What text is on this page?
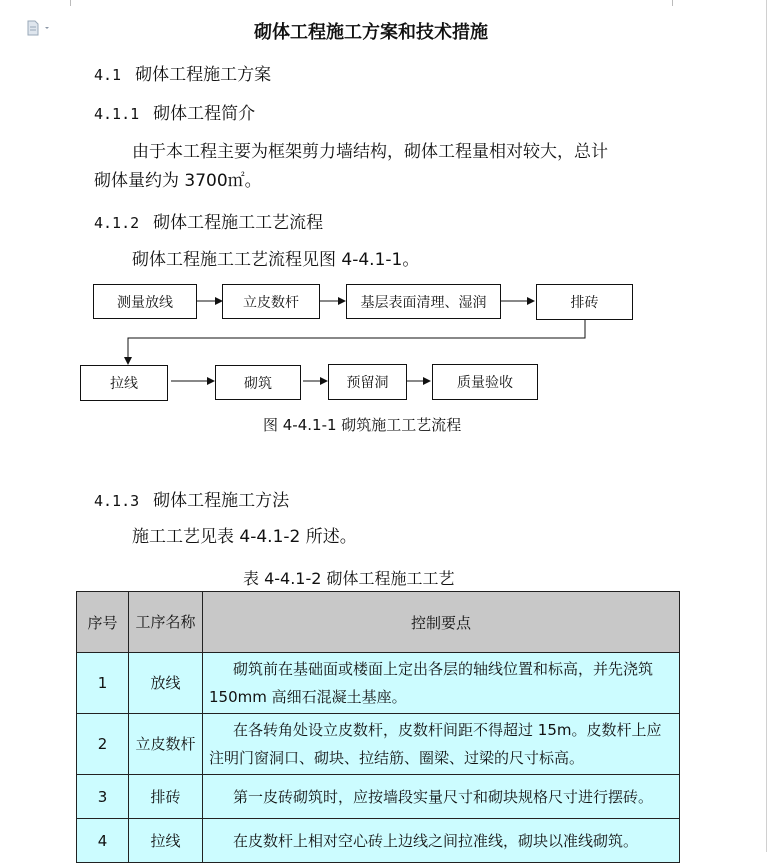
砌体工程施工方案和技术措施
4.1 砌体工程施工方案
4.1.1 砌体工程简介
由于本工程主要为框架剪力墙结构，砌体工程量相对较大，总计
砌体量约为 3700㎡。
4.1.2 砌体工程施工工艺流程
砌体工程施工工艺流程见图 4-4.1-1。
测量放线	立皮数杆	基层表面清理、湿润	排砖
拉线	砌筑	预留洞	质量验收
图 4-4.1-1 砌筑施工工艺流程
4.1.3 砌体工程施工方法
施工工艺见表 4-4.1-2 所述。
表 4-4.1-2 砌体工程施工工艺
序号	工序名称	控制要点
1	放线	砌筑前在基础面或楼面上定出各层的轴线位置和标高，并先浇筑 150mm 高细石混凝土基座。
2	立皮数杆	在各转角处设立皮数杆，皮数杆间距不得超过 15m。皮数杆上应注明门窗洞口、砌块、拉结筋、圈梁、过梁的尺寸标高。
3	排砖	第一皮砖砌筑时，应按墙段实量尺寸和砌块规格尺寸进行摆砖。
4	拉线	在皮数杆上相对空心砖上边线之间拉准线，砌块以准线砌筑。
